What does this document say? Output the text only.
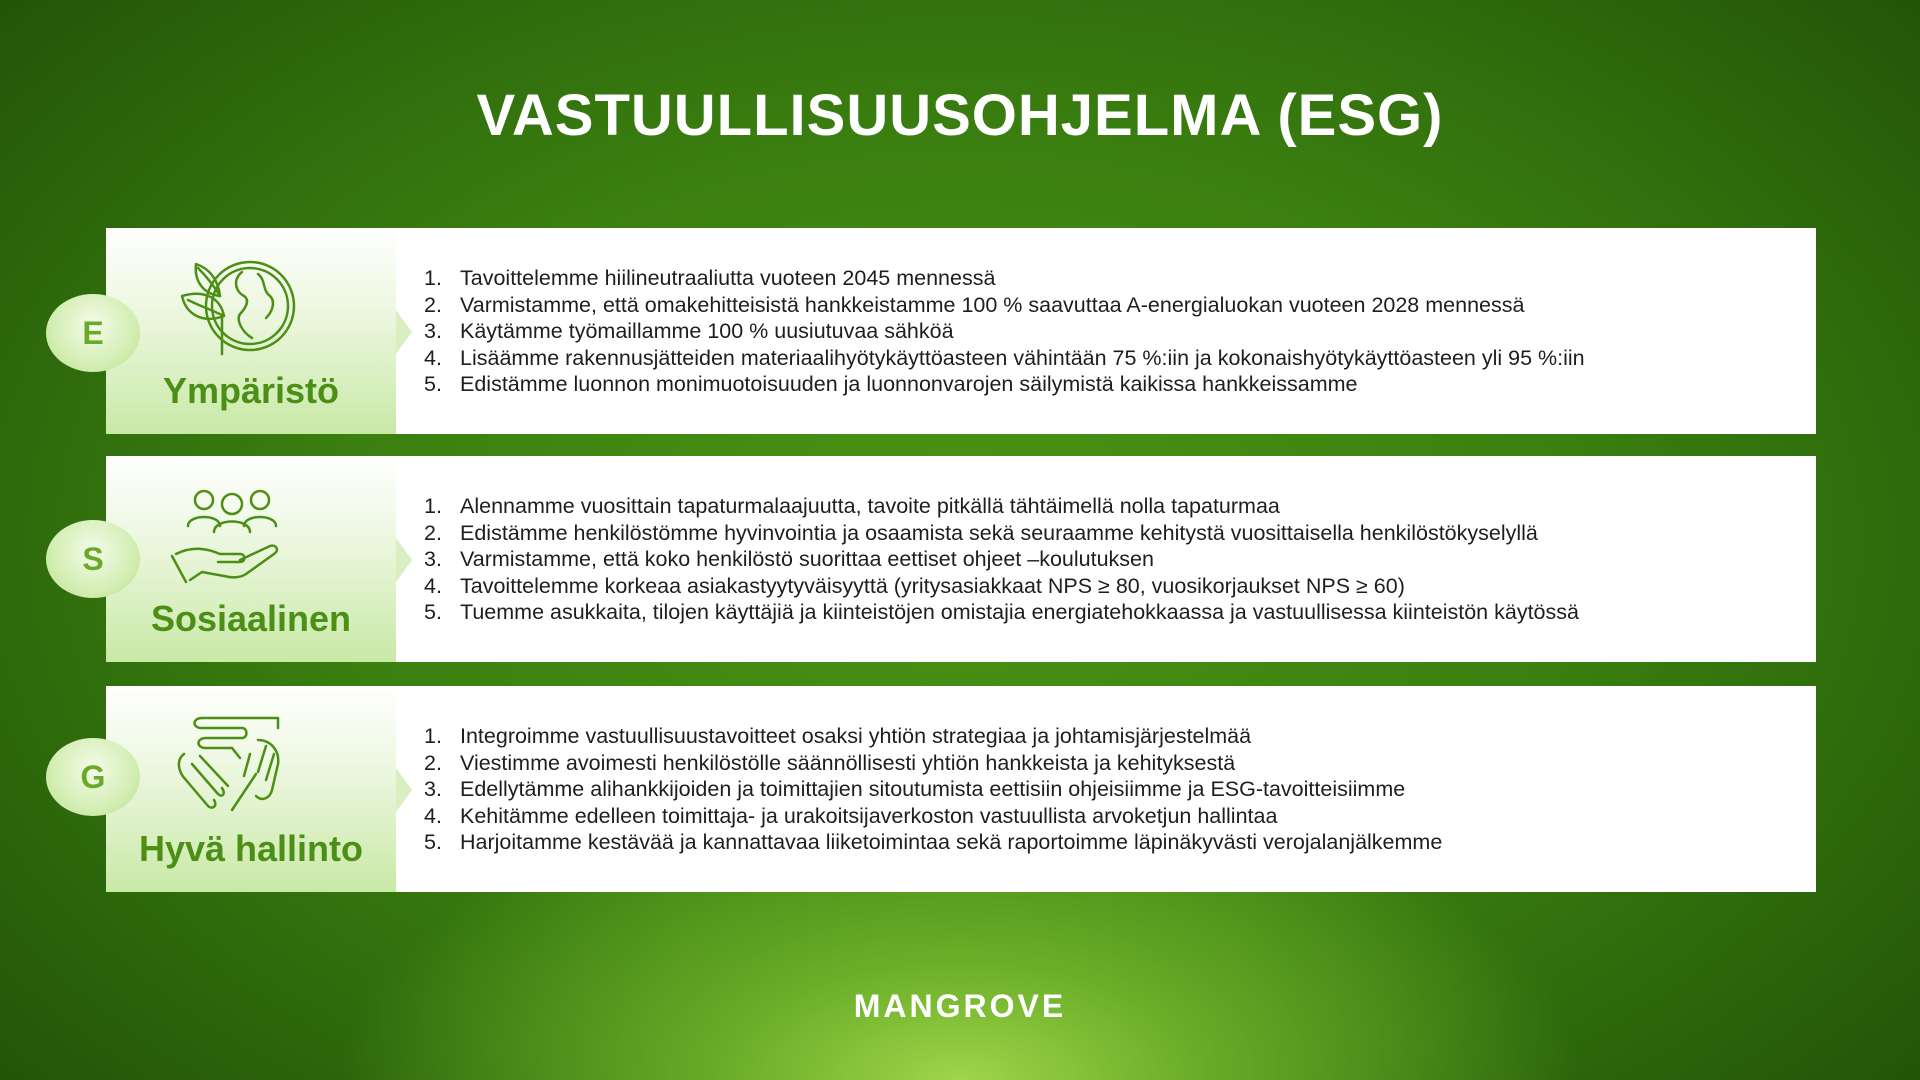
VASTUULLISUUSOHJELMA (ESG)
Ympäristö
1. Tavoittelemme hiilineutraaliutta vuoteen 2045 mennessä
2. Varmistamme, että omakehitteisistä hankkeistamme 100 % saavuttaa A-energialuokan vuoteen 2028 mennessä
3. Käytämme työmaillamme 100 % uusiutuvaa sähköä
4. Lisäämme rakennusjätteiden materiaalihyötykäyttöasteen vähintään 75 %:iin ja kokonaishyötykäyttöasteen yli 95 %:iin
5. Edistämme luonnon monimuotoisuuden ja luonnonvarojen säilymistä kaikissa hankkeissamme
E
Sosiaalinen
1. Alennamme vuosittain tapaturmalaajuutta, tavoite pitkällä tähtäimellä nolla tapaturmaa
2. Edistämme henkilöstömme hyvinvointia ja osaamista sekä seuraamme kehitystä vuosittaisella henkilöstökyselyllä
3. Varmistamme, että koko henkilöstö suorittaa eettiset ohjeet –koulutuksen
4. Tavoittelemme korkeaa asiakastyytyväisyyttä (yritysasiakkaat NPS ≥ 80, vuosikorjaukset NPS ≥ 60)
5. Tuemme asukkaita, tilojen käyttäjiä ja kiinteistöjen omistajia energiatehokkaassa ja vastuullisessa kiinteistön käytössä
S
Hyvä hallinto
1. Integroimme vastuullisuustavoitteet osaksi yhtiön strategiaa ja johtamisjärjestelmää
2. Viestimme avoimesti henkilöstölle säännöllisesti yhtiön hankkeista ja kehityksestä
3. Edellytämme alihankkijoiden ja toimittajien sitoutumista eettisiin ohjeisiimme ja ESG-tavoitteisiimme
4. Kehitämme edelleen toimittaja- ja urakoitsijaverkoston vastuullista arvoketjun hallintaa
5. Harjoitamme kestävää ja kannattavaa liiketoimintaa sekä raportoimme läpinäkyvästi verojalanjälkemme
G
MANGROVE
